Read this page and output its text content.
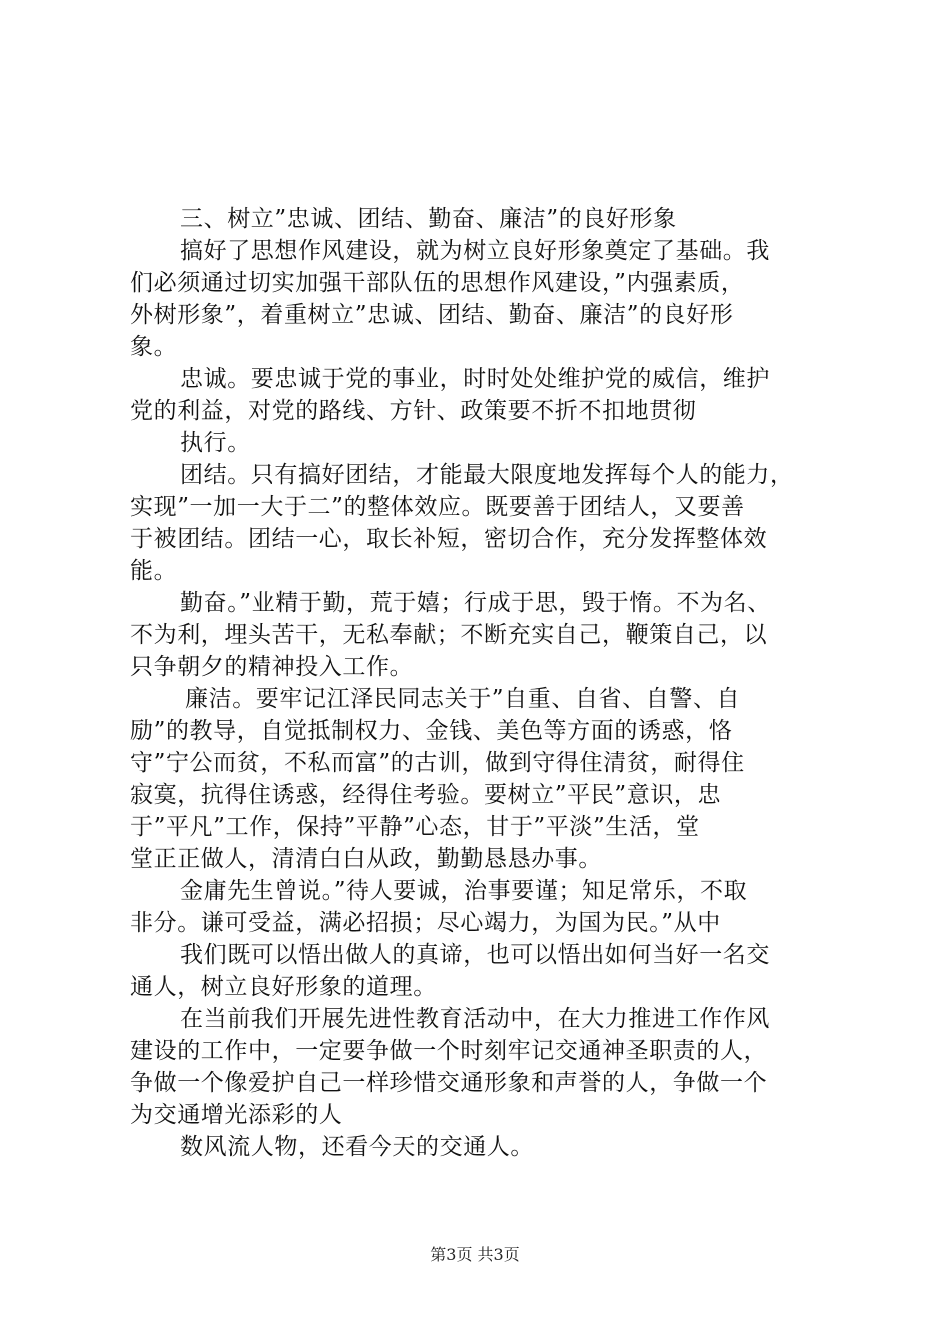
三、树立”忠诚、团结、勤奋、廉洁”的良好形象
搞好了思想作风建设，就为树立良好形象奠定了基础。我
们必须通过切实加强干部队伍的思想作风建设，”内强素质，
外树形象”，着重树立”忠诚、团结、勤奋、廉洁”的良好形
象。
忠诚。要忠诚于党的事业，时时处处维护党的威信，维护
党的利益，对党的路线、方针、政策要不折不扣地贯彻
执行。
团结。只有搞好团结，才能最大限度地发挥每个人的能力，
实现”一加一大于二”的整体效应。既要善于团结人，又要善
于被团结。团结一心，取长补短，密切合作，充分发挥整体效
能。
勤奋。”业精于勤，荒于嬉；行成于思，毁于惰。不为名、
不为利，埋头苦干，无私奉献；不断充实自己，鞭策自己，以
只争朝夕的精神投入工作。
廉洁。要牢记江泽民同志关于”自重、自省、自警、自
励”的教导，自觉抵制权力、金钱、美色等方面的诱惑，恪
守”宁公而贫，不私而富”的古训，做到守得住清贫，耐得住
寂寞，抗得住诱惑，经得住考验。要树立”平民”意识，忠
于”平凡”工作，保持”平静”心态，甘于”平淡”生活，堂
堂正正做人，清清白白从政，勤勤恳恳办事。
金庸先生曾说。”待人要诚，治事要谨；知足常乐，不取
非分。谦可受益，满必招损；尽心竭力，为国为民。”从中
我们既可以悟出做人的真谛，也可以悟出如何当好一名交
通人，树立良好形象的道理。
在当前我们开展先进性教育活动中，在大力推进工作作风
建设的工作中，一定要争做一个时刻牢记交通神圣职责的人，
争做一个像爱护自己一样珍惜交通形象和声誉的人，争做一个
为交通增光添彩的人
数风流人物，还看今天的交通人。
第3页 共3页
